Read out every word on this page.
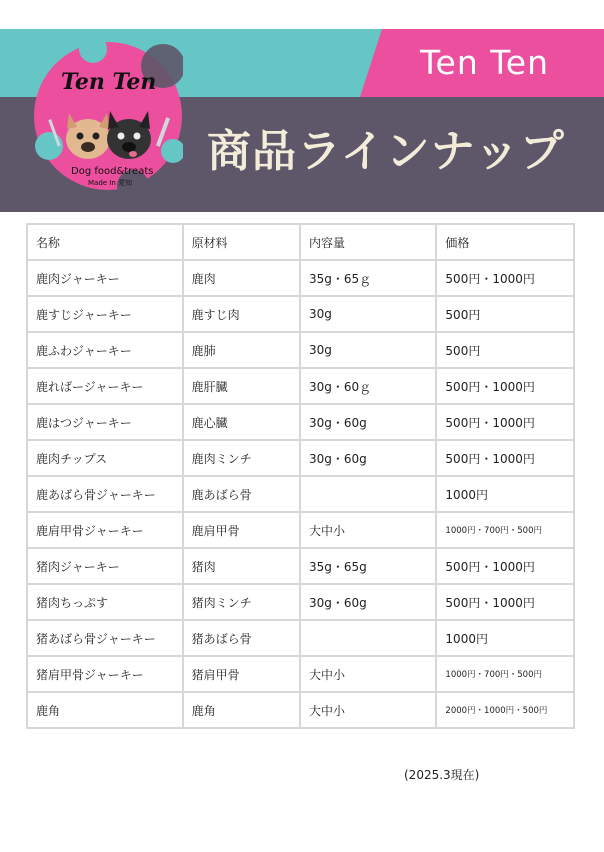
Ten Ten
商品ラインナップ
Ten Ten
Dog food&treats
Made In 愛知
名称	原材料	内容量	価格
鹿肉ジャーキー	鹿肉	35g・65ｇ	500円・1000円
鹿すじジャーキー	鹿すじ肉	30g	500円
鹿ふわジャーキー	鹿肺	30g	500円
鹿ればージャーキー	鹿肝臓	30g・60ｇ	500円・1000円
鹿はつジャーキー	鹿心臓	30g・60g	500円・1000円
鹿肉チップス	鹿肉ミンチ	30g・60g	500円・1000円
鹿あばら骨ジャーキー	鹿あばら骨		1000円
鹿肩甲骨ジャーキー	鹿肩甲骨	大中小	1000円・700円・500円
猪肉ジャーキー	猪肉	35g・65g	500円・1000円
猪肉ちっぷす	猪肉ミンチ	30g・60g	500円・1000円
猪あばら骨ジャーキー	猪あばら骨		1000円
猪肩甲骨ジャーキー	猪肩甲骨	大中小	1000円・700円・500円
鹿角	鹿角	大中小	2000円・1000円・500円
(2025.3現在)
